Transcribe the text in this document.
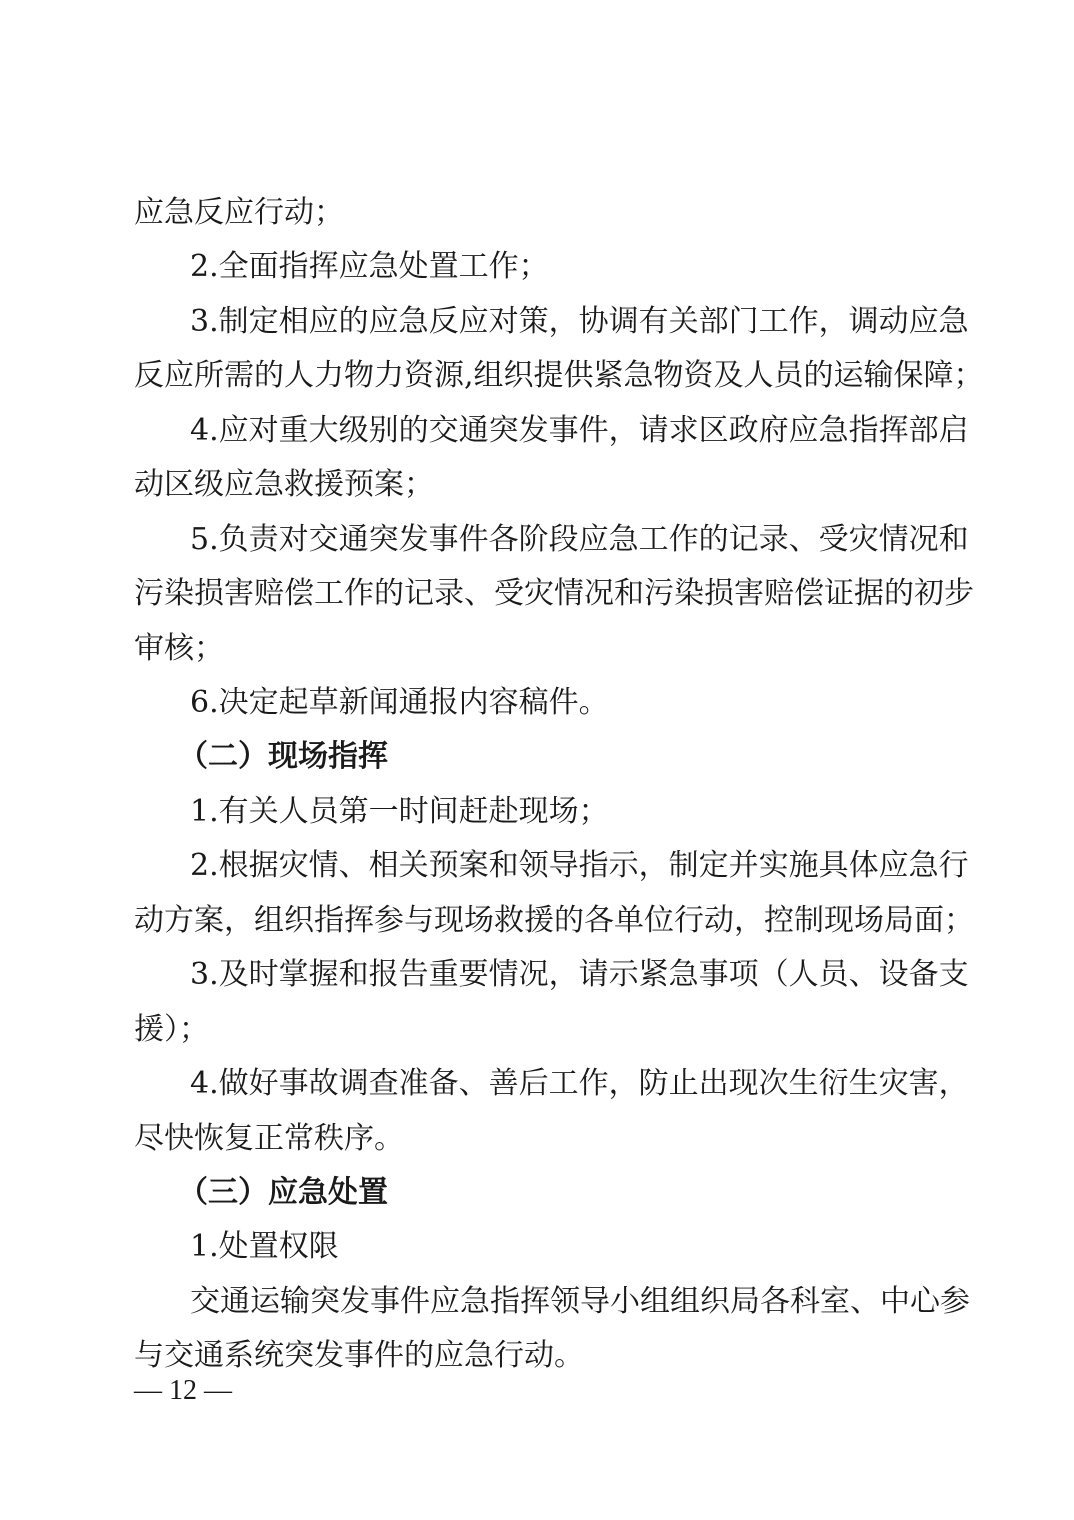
应急反应行动；
2.全面指挥应急处置工作；
3.制定相应的应急反应对策，协调有关部门工作，调动应急
反应所需的人力物力资源,组织提供紧急物资及人员的运输保障；
4.应对重大级别的交通突发事件，请求区政府应急指挥部启
动区级应急救援预案；
5.负责对交通突发事件各阶段应急工作的记录、受灾情况和
污染损害赔偿工作的记录、受灾情况和污染损害赔偿证据的初步
审核；
6.决定起草新闻通报内容稿件。
（二）现场指挥
1.有关人员第一时间赶赴现场；
2.根据灾情、相关预案和领导指示，制定并实施具体应急行
动方案，组织指挥参与现场救援的各单位行动，控制现场局面；
3.及时掌握和报告重要情况，请示紧急事项（人员、设备支
援）；
4.做好事故调查准备、善后工作，防止出现次生衍生灾害，
尽快恢复正常秩序。
（三）应急处置
1.处置权限
交通运输突发事件应急指挥领导小组组织局各科室、中心参
与交通系统突发事件的应急行动。
— 12 —
